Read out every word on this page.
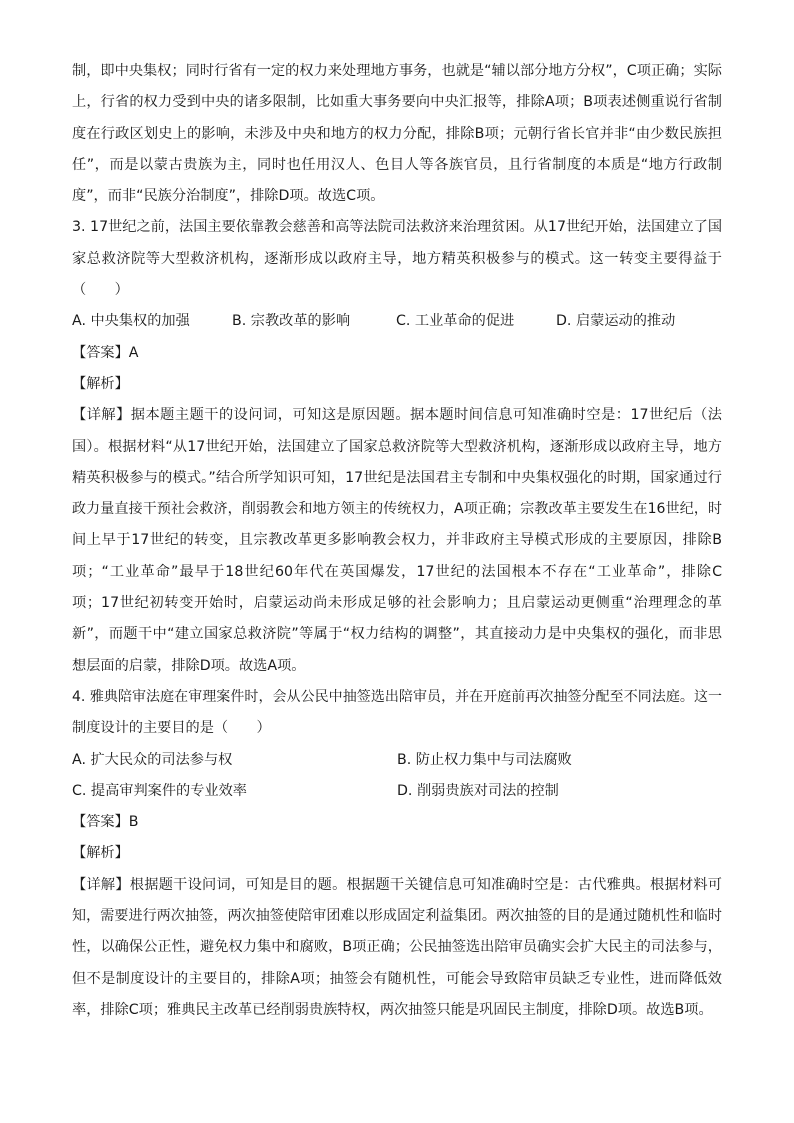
制，即中央集权；同时行省有一定的权力来处理地方事务，也就是“辅以部分地方分权”，C项正确；实际
上，行省的权力受到中央的诸多限制，比如重大事务要向中央汇报等，排除A项；B项表述侧重说行省制
度在行政区划史上的影响，未涉及中央和地方的权力分配，排除B项；元朝行省长官并非“由少数民族担
任”，而是以蒙古贵族为主，同时也任用汉人、色目人等各族官员，且行省制度的本质是“地方行政制
度”，而非“民族分治制度”，排除D项。故选C项。
3. 17世纪之前，法国主要依靠教会慈善和高等法院司法救济来治理贫困。从17世纪开始，法国建立了国
家总救济院等大型救济机构，逐渐形成以政府主导，地方精英积极参与的模式。这一转变主要得益于
（　　）
A. 中央集权的加强	B. 宗教改革的影响	C. 工业革命的促进	D. 启蒙运动的推动
【答案】A
【解析】
【详解】据本题主题干的设问词，可知这是原因题。据本题时间信息可知准确时空是：17世纪后（法
国）。根据材料“从17世纪开始，法国建立了国家总救济院等大型救济机构，逐渐形成以政府主导，地方
精英积极参与的模式。”结合所学知识可知，17世纪是法国君主专制和中央集权强化的时期，国家通过行
政力量直接干预社会救济，削弱教会和地方领主的传统权力，A项正确；宗教改革主要发生在16世纪，时
间上早于17世纪的转变，且宗教改革更多影响教会权力，并非政府主导模式形成的主要原因，排除B
项；“工业革命”最早于18世纪60年代在英国爆发，17世纪的法国根本不存在“工业革命”，排除C
项；17世纪初转变开始时，启蒙运动尚未形成足够的社会影响力；且启蒙运动更侧重“治理理念的革
新”，而题干中“建立国家总救济院”等属于“权力结构的调整”，其直接动力是中央集权的强化，而非思
想层面的启蒙，排除D项。故选A项。
4. 雅典陪审法庭在审理案件时，会从公民中抽签选出陪审员，并在开庭前再次抽签分配至不同法庭。这一
制度设计的主要目的是（　　）
A. 扩大民众的司法参与权	B. 防止权力集中与司法腐败
C. 提高审判案件的专业效率	D. 削弱贵族对司法的控制
【答案】B
【解析】
【详解】根据题干设问词，可知是目的题。根据题干关键信息可知准确时空是：古代雅典。根据材料可
知，需要进行两次抽签，两次抽签使陪审团难以形成固定利益集团。两次抽签的目的是通过随机性和临时
性，以确保公正性，避免权力集中和腐败，B项正确；公民抽签选出陪审员确实会扩大民主的司法参与，
但不是制度设计的主要目的，排除A项；抽签会有随机性，可能会导致陪审员缺乏专业性，进而降低效
率，排除C项；雅典民主改革已经削弱贵族特权，两次抽签只能是巩固民主制度，排除D项。故选B项。
